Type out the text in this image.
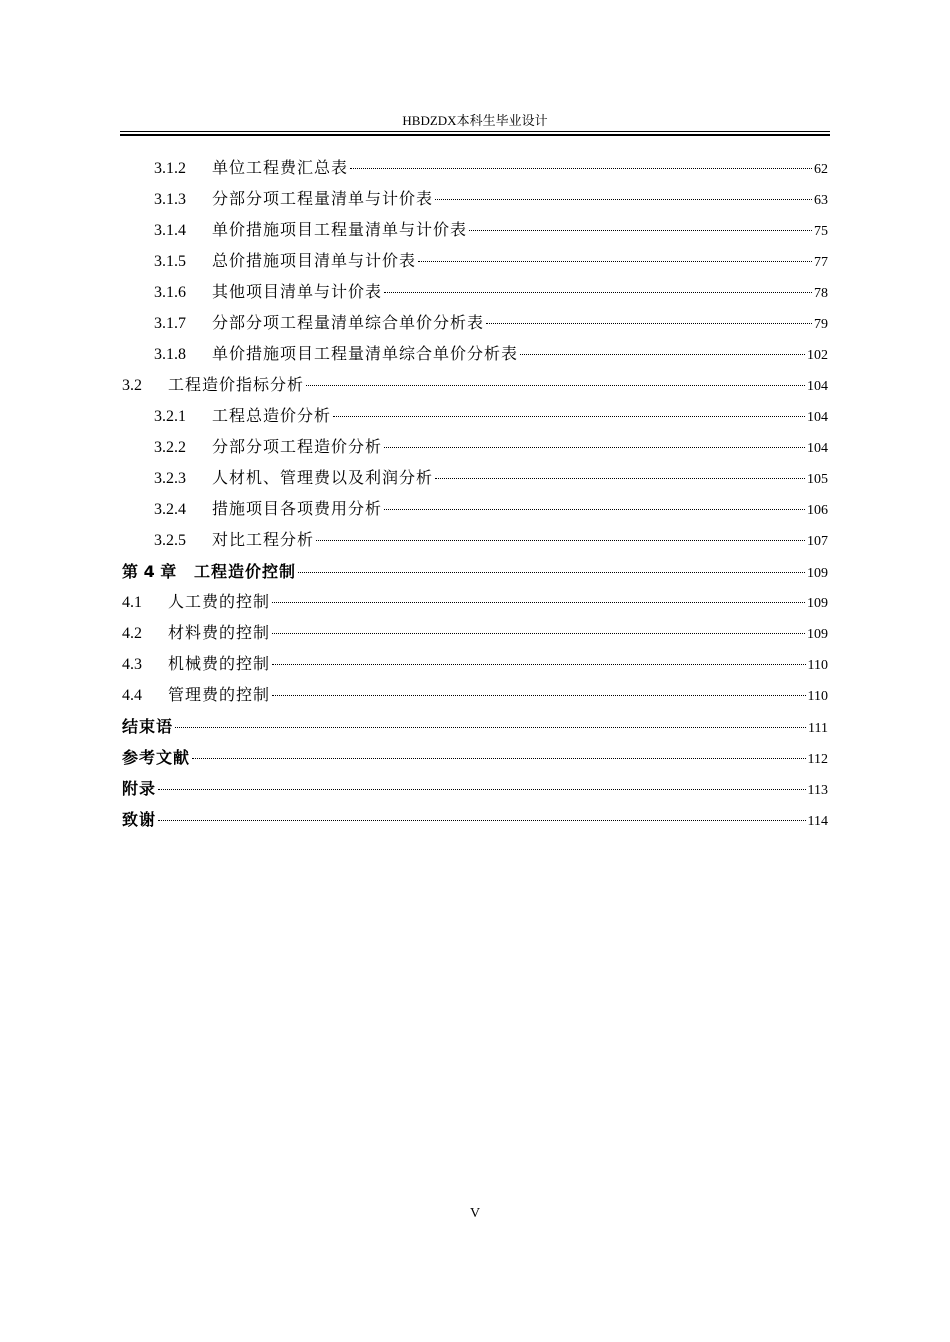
HBDZDX本科生毕业设计
3.1.2	单位工程费汇总表	62
3.1.3	分部分项工程量清单与计价表	63
3.1.4	单价措施项目工程量清单与计价表	75
3.1.5	总价措施项目清单与计价表	77
3.1.6	其他项目清单与计价表	78
3.1.7	分部分项工程量清单综合单价分析表	79
3.1.8	单价措施项目工程量清单综合单价分析表	102
3.2	工程造价指标分析	104
3.2.1	工程总造价分析	104
3.2.2	分部分项工程造价分析	104
3.2.3	人材机、管理费以及利润分析	105
3.2.4	措施项目各项费用分析	106
3.2.5	对比工程分析	107
第 4 章	工程造价控制	109
4.1	人工费的控制	109
4.2	材料费的控制	109
4.3	机械费的控制	110
4.4	管理费的控制	110
结束语	111
参考文献	112
附录	113
致谢	114
V
